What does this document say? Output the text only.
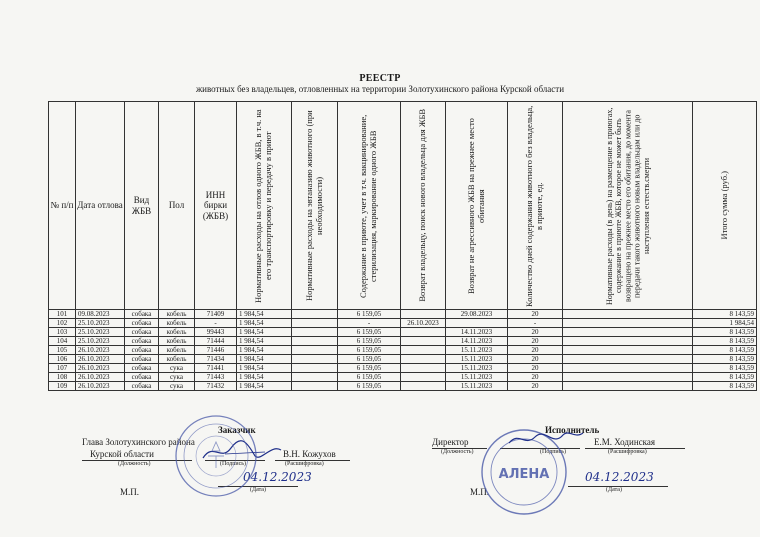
РЕЕСТР
животных без владельцев, отловленных на территории Золотухинского района Курской области
№ п/п	Дата отлова	Вид ЖБВ	Пол	ИНН бирки (ЖБВ)	Нормативные расходы на отлов одного ЖБВ, в т.ч. на его транспортировку и передачу в приют	Нормативные расходы на эвтаназию животного (при необходимости)	Содержание в приюте, учет в т.ч. вакцинирование, стерилизация, маркирование одного ЖБВ	Возврат владельцу, поиск нового владельца для ЖБВ	Возврат не агрессивного ЖБВ на прежнее место обитания	Количество дней содержания животного без владельца, в приюте, ед.	Нормативные расходы (в день) на размещение в приюгах, содержание в приюте ЖБВ, которое не может быть возвращено на прежнее место его обитания, до момента передачи такого животного новым владельцам или до наступления естеств.смерти	Итого сумма (руб.)

101	09.08.2023	собака	кобель	71409	1 984,54		6 159,05		29.08.2023	20		8 143,59
102	25.10.2023	собака	кобель	-	1 984,54		-	26.10.2023		-		1 984,54
103	25.10.2023	собака	кобель	99443	1 984,54		6 159,05		14.11.2023	20		8 143,59
104	25.10.2023	собака	кобель	71444	1 984,54		6 159,05		14.11.2023	20		8 143,59
105	26.10.2023	собака	кобель	71446	1 984,54		6 159,05		15.11.2023	20		8 143,59
106	26.10.2023	собака	кобель	71434	1 984,54		6 159,05		15.11.2023	20		8 143,59
107	26.10.2023	собака	сука	71441	1 984,54		6 159,05		15.11.2023	20		8 143,59
108	26.10.2023	собака	сука	71443	1 984,54		6 159,05		15.11.2023	20		8 143,59
109	26.10.2023	собака	сука	71432	1 984,54		6 159,05		15.11.2023	20		8 143,59
Заказчик
Глава Золотухинского района
Курской области	В.Н. Кожухов
(Должность)	(Подпись)	(Расшифровка)
04.12.2023
(Дата)
М.П.
Исполнитель
Директор	Е.М. Ходинская
(Должность)	(Подпись)	(Расшифровка)
04.12.2023
(Дата)
М.П.
АЛЕНА
